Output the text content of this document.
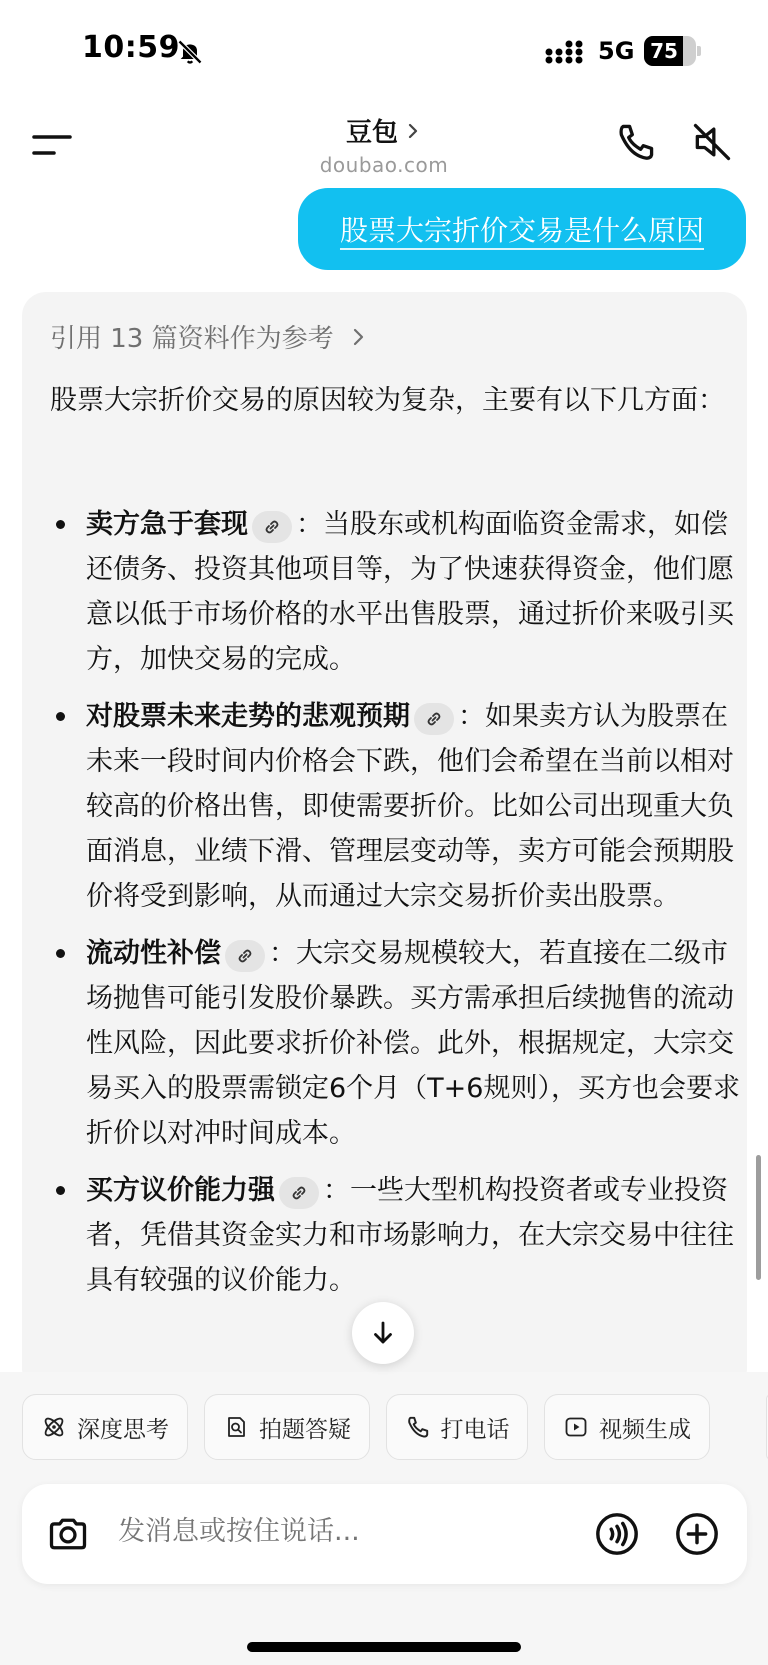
10:59	5G 75
豆包
doubao.com
股票大宗折价交易是什么原因
引用 13 篇资料作为参考
股票大宗折价交易的原因较为复杂，主要有以下几方面：
卖方急于套现 ：当股东或机构面临资金需求，如偿还债务、投资其他项目等，为了快速获得资金，他们愿意以低于市场价格的水平出售股票，通过折价来吸引买方，加快交易的完成。
对股票未来走势的悲观预期 ：如果卖方认为股票在未来一段时间内价格会下跌，他们会希望在当前以相对较高的价格出售，即使需要折价。比如公司出现重大负面消息，业绩下滑、管理层变动等，卖方可能会预期股价将受到影响，从而通过大宗交易折价卖出股票。
流动性补偿 ：大宗交易规模较大，若直接在二级市场抛售可能引发股价暴跌。买方需承担后续抛售的流动性风险，因此要求折价补偿。此外，根据规定，大宗交易买入的股票需锁定6个月（T+6规则），买方也会要求折价以对冲时间成本。
买方议价能力强 ：一些大型机构投资者或专业投资者，凭借其资金实力和市场影响力，在大宗交易中往往具有较强的议价能力。
深度思考	拍题答疑	打电话	视频生成
发消息或按住说话...
